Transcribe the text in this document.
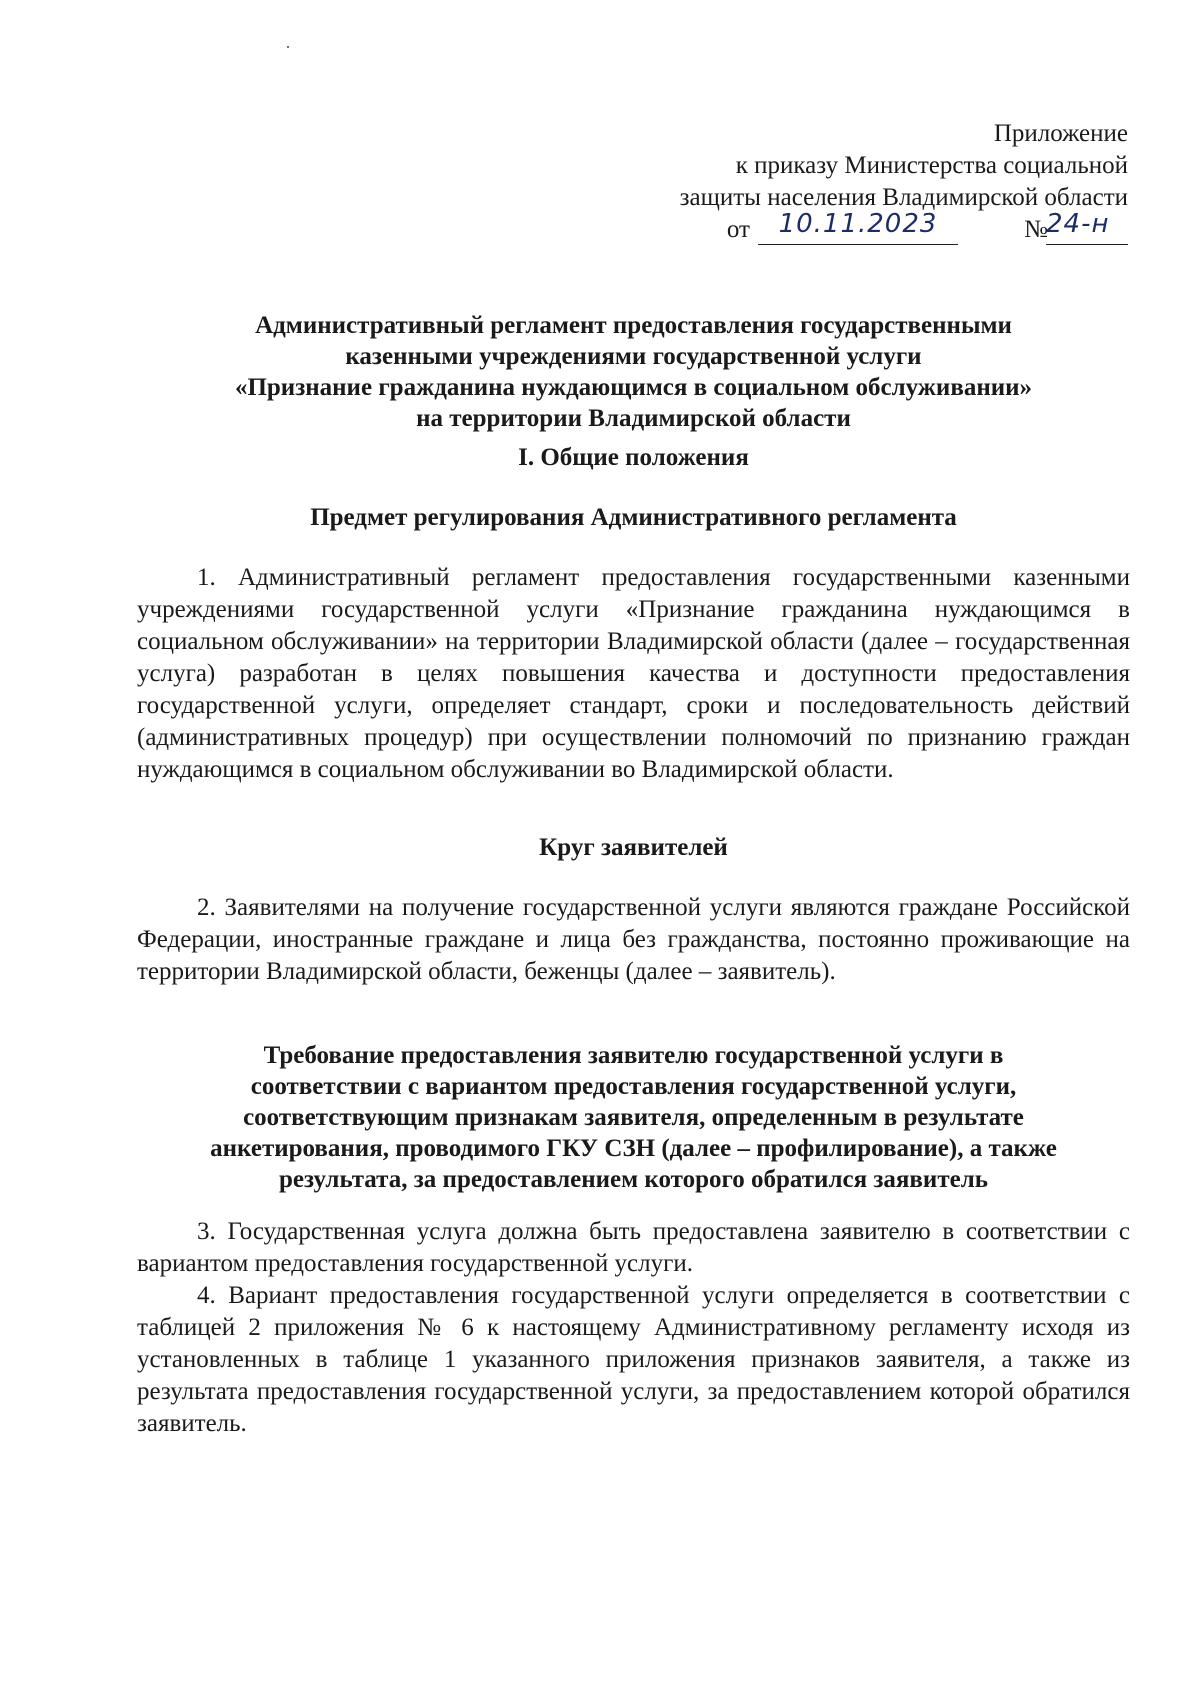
Приложение
к приказу Министерства социальной
защиты населения Владимирской области
от	10.11.2023	№
24-н
Административный регламент предоставления государственными
казенными учреждениями государственной услуги
«Признание гражданина нуждающимся в социальном обслуживании»
на территории Владимирской области
I. Общие положения
Предмет регулирования Административного регламента

1. Административный регламент предоставления государственными казенными учреждениями государственной услуги «Признание гражданина нуждающимся в социальном обслуживании» на территории Владимирской области (далее – государственная услуга) разработан в целях повышения качества и доступности предоставления государственной услуги, определяет стандарт, сроки и последовательность действий (административных процедур) при осуществлении полномочий по признанию граждан нуждающимся в социальном обслуживании во Владимирской области.

Круг заявителей

2. Заявителями на получение государственной услуги являются граждане Российской Федерации, иностранные граждане и лица без гражданства, постоянно проживающие на территории Владимирской области, беженцы (далее – заявитель).

Требование предоставления заявителю государственной услуги в
соответствии с вариантом предоставления государственной услуги,
соответствующим признакам заявителя, определенным в результате
анкетирования, проводимого ГКУ СЗН (далее – профилирование), а также
результата, за предоставлением которого обратился заявитель

3. Государственная услуга должна быть предоставлена заявителю в соответствии с вариантом предоставления государственной услуги.

4. Вариант предоставления государственной услуги определяется в соответствии с таблицей 2 приложения № 6 к настоящему Административному регламенту исходя из установленных в таблице 1 указанного приложения признаков заявителя, а также из результата предоставления государственной услуги, за предоставлением которой обратился заявитель.
